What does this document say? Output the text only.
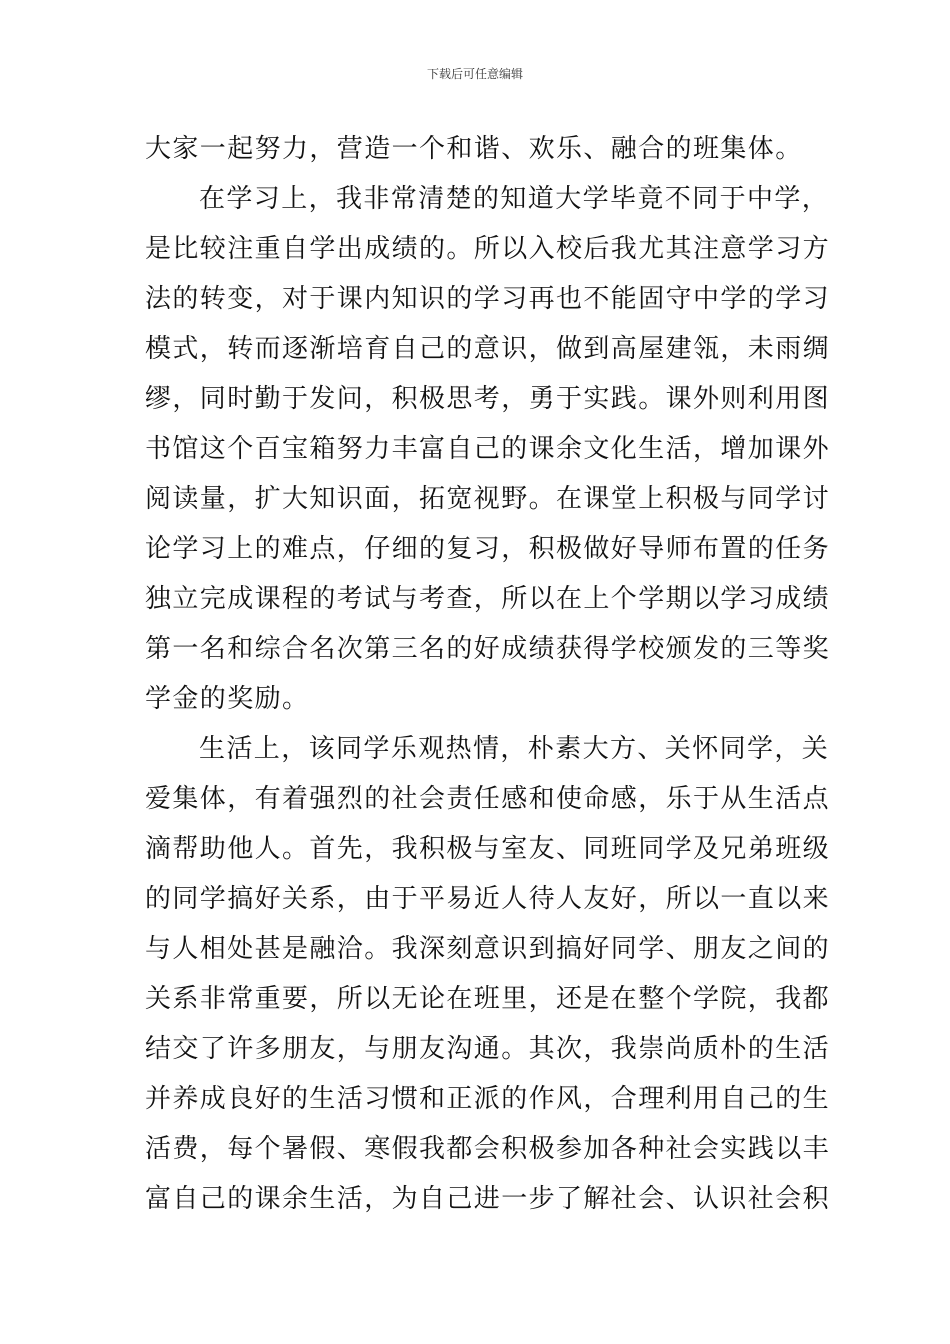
下载后可任意编辑
大家一起努力，营造一个和谐、欢乐、融合的班集体。
在学习上，我非常清楚的知道大学毕竟不同于中学，
是比较注重自学出成绩的。所以入校后我尤其注意学习方
法的转变，对于课内知识的学习再也不能固守中学的学习
模式，转而逐渐培育自己的意识，做到高屋建瓴，未雨绸
缪，同时勤于发问，积极思考，勇于实践。课外则利用图
书馆这个百宝箱努力丰富自己的课余文化生活，增加课外
阅读量，扩大知识面，拓宽视野。在课堂上积极与同学讨
论学习上的难点，仔细的复习，积极做好导师布置的任务
独立完成课程的考试与考查，所以在上个学期以学习成绩
第一名和综合名次第三名的好成绩获得学校颁发的三等奖
学金的奖励。
生活上，该同学乐观热情，朴素大方、关怀同学，关
爱集体，有着强烈的社会责任感和使命感，乐于从生活点
滴帮助他人。首先，我积极与室友、同班同学及兄弟班级
的同学搞好关系，由于平易近人待人友好，所以一直以来
与人相处甚是融洽。我深刻意识到搞好同学、朋友之间的
关系非常重要，所以无论在班里，还是在整个学院，我都
结交了许多朋友，与朋友沟通。其次，我崇尚质朴的生活
并养成良好的生活习惯和正派的作风，合理利用自己的生
活费，每个暑假、寒假我都会积极参加各种社会实践以丰
富自己的课余生活，为自己进一步了解社会、认识社会积
